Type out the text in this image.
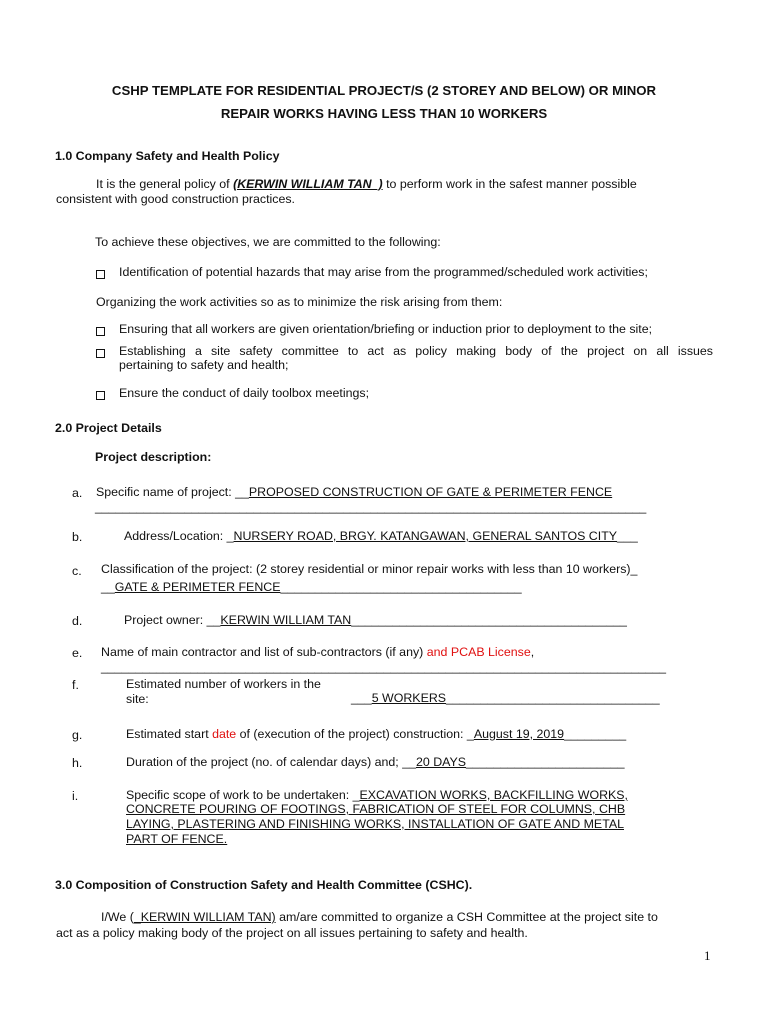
CSHP TEMPLATE FOR RESIDENTIAL PROJECT/S (2 STOREY AND BELOW) OR MINOR
REPAIR WORKS HAVING LESS THAN 10 WORKERS
1.0 Company Safety and Health Policy
It is the general policy of (KERWIN WILLIAM TAN_) to perform work in the safest manner possible
consistent with good construction practices.
To achieve these objectives, we are committed to the following:
Identification of potential hazards that may arise from the programmed/scheduled work activities;
Organizing the work activities so as to minimize the risk arising from them:
Ensuring that all workers are given orientation/briefing or induction prior to deployment to the site;
Establishing a site safety committee to act as policy making body of the project on all issues
pertaining to safety and health;
Ensure the conduct of daily toolbox meetings;
2.0 Project Details
Project description:
a. Specific name of project: __PROPOSED CONSTRUCTION OF GATE & PERIMETER FENCE
________________________________________________________________________________
b.	Address/Location: _NURSERY ROAD, BRGY. KATANGAWAN, GENERAL SANTOS CITY___
c. Classification of the project: (2 storey residential or minor repair works with less than 10 workers)_
__GATE & PERIMETER FENCE___________________________________
d.	Project owner: __KERWIN WILLIAM TAN________________________________________
e. Name of main contractor and list of sub-contractors (if any) and PCAB License,
__________________________________________________________________________________
f.	Estimated number of workers in the
site:	___5 WORKERS_______________________________
g.	Estimated start date of (execution of the project) construction: _August 19, 2019_________
h.	Duration of the project (no. of calendar days) and; __20 DAYS_______________________
i.	Specific scope of work to be undertaken: _EXCAVATION WORKS, BACKFILLING WORKS,
CONCRETE POURING OF FOOTINGS, FABRICATION OF STEEL FOR COLUMNS, CHB
LAYING, PLASTERING AND FINISHING WORKS, INSTALLATION OF GATE AND METAL
PART OF FENCE.
3.0 Composition of Construction Safety and Health Committee (CSHC).
I/We (_KERWIN WILLIAM TAN) am/are committed to organize a CSH Committee at the project site to
act as a policy making body of the project on all issues pertaining to safety and health.
1
